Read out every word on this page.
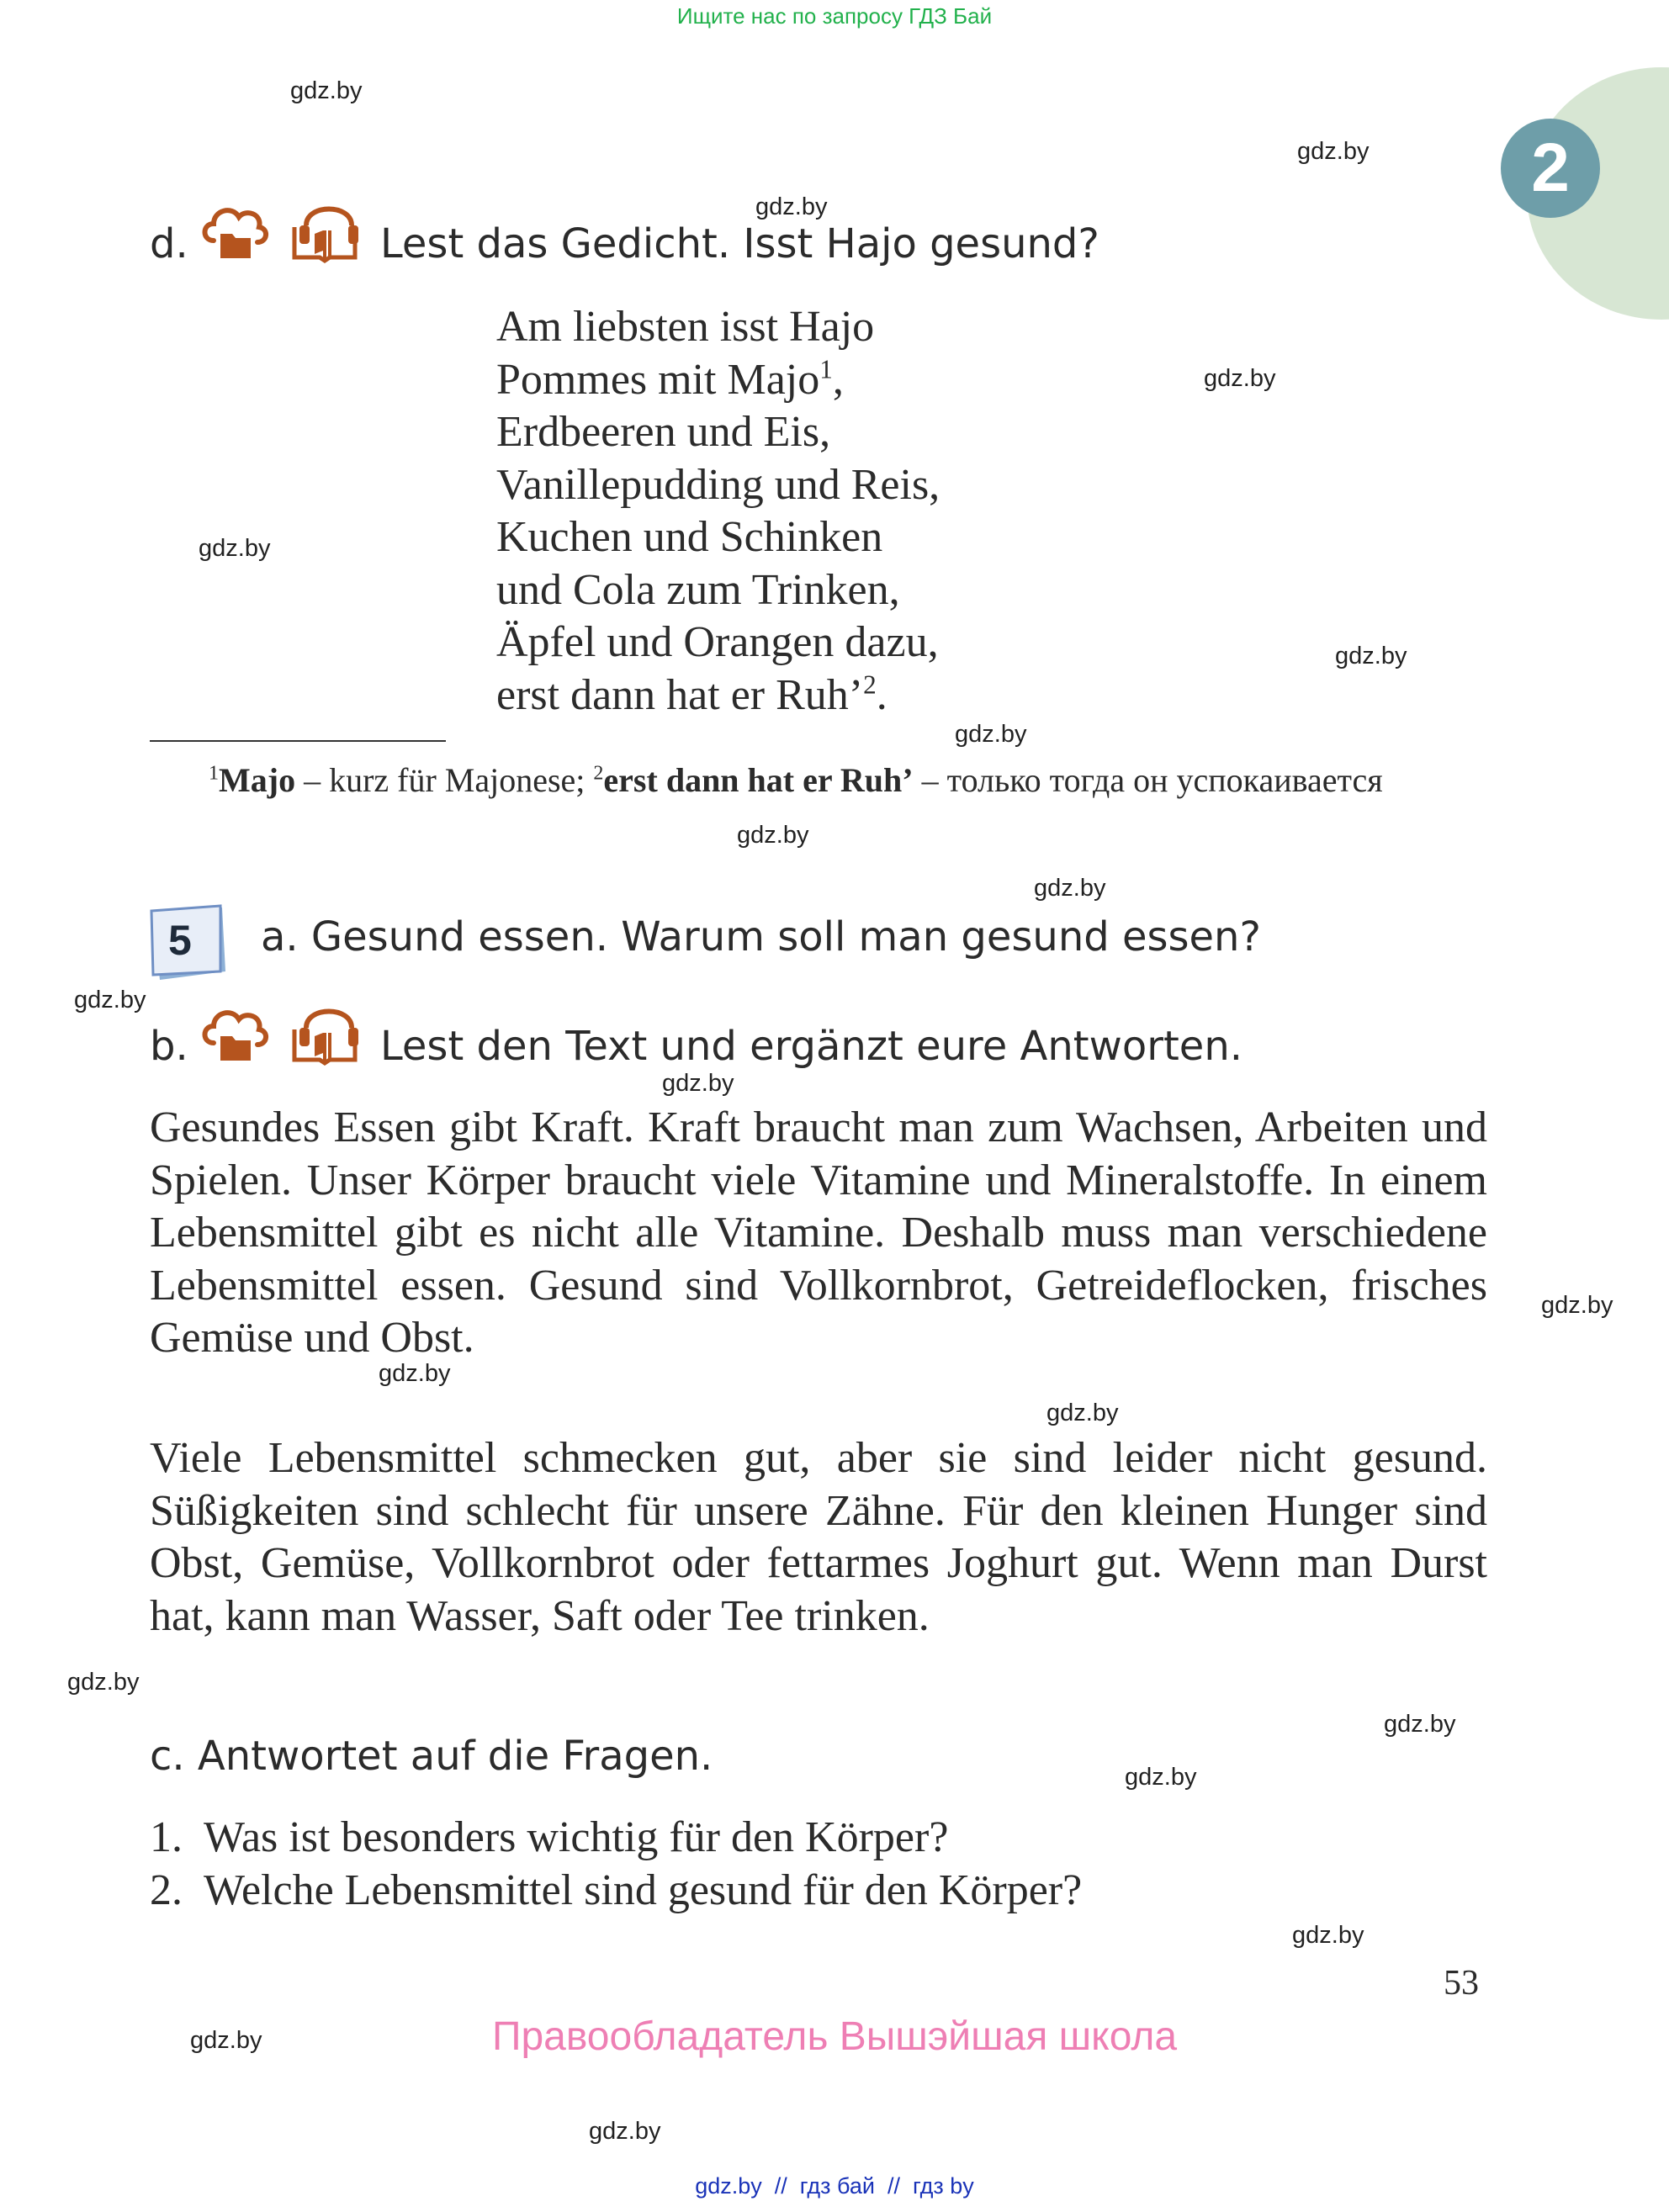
Ищите нас по запросу ГДЗ Бай
2
gdz.by
gdz.by
gdz.by
gdz.by
gdz.by
gdz.by
gdz.by
gdz.by
gdz.by
gdz.by
gdz.by
gdz.by
gdz.by
gdz.by
gdz.by
gdz.by
gdz.by
gdz.by
gdz.by
gdz.by
d.	Lest das Gedicht. Isst Hajo gesund?
Am liebsten isst Hajo
Pommes mit Majo$^1$,
Erdbeeren und Eis,
Vanillepudding und Reis,
Kuchen und Schinken
und Cola zum Trinken,
Äpfel und Orangen dazu,
erst dann hat er Ruh’$^2$.
$^1$Majo – kurz für Majonese; $^2$erst dann hat er Ruh’ – только тогда он успокаивается
5 a. Gesund essen. Warum soll man gesund essen?
b.	Lest den Text und ergänzt eure Antworten.

Gesundes Essen gibt Kraft. Kraft braucht man zum Wachsen, Arbeiten und Spielen. Unser Körper braucht viele Vitamine und Mineralstoffe. In einem Lebensmittel gibt es nicht alle Vitamine. Deshalb muss man verschiedene Lebensmittel essen. Gesund sind Vollkornbrot, Getreideflocken, frisches Gemüse und Obst.

Viele Lebensmittel schmecken gut, aber sie sind leider nicht gesund. Süßigkeiten sind schlecht für unsere Zähne. Für den kleinen Hunger sind Obst, Gemüse, Vollkornbrot oder fettarmes Joghurt gut. Wenn man Durst hat, kann man Wasser, Saft oder Tee trinken.

c. Antwortet auf die Fragen.
1.  Was ist besonders wichtig für den Körper?
2.  Welche Lebensmittel sind gesund für den Körper?
53
Правообладатель Вышэйшая школа
gdz.by  //  гдз бай  //  гдз by
